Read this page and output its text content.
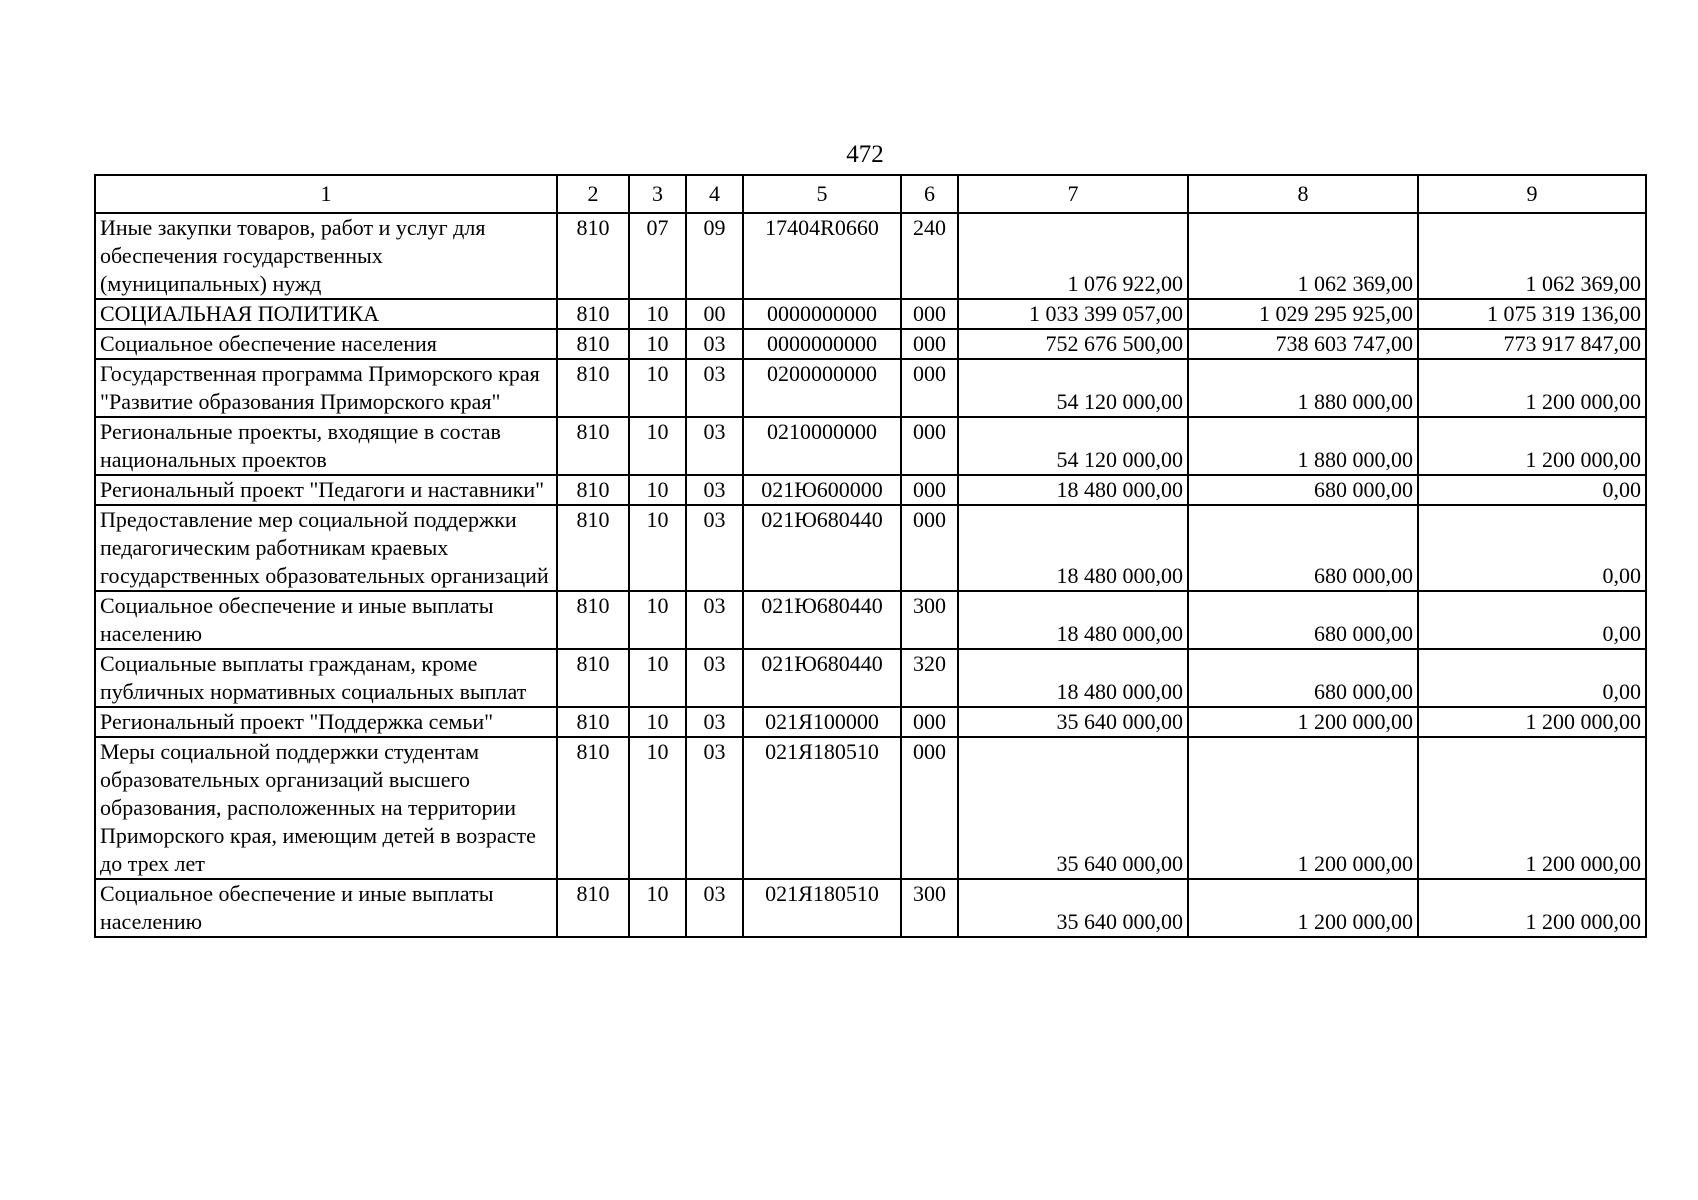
472
1	2	3	4	5	6	7	8	9
Иные закупки товаров, работ и услуг для обеспечения государственных (муниципальных) нужд	810	07	09	17404R0660	240	1 076 922,00	1 062 369,00	1 062 369,00
СОЦИАЛЬНАЯ ПОЛИТИКА	810	10	00	0000000000	000	1 033 399 057,00	1 029 295 925,00	1 075 319 136,00
Социальное обеспечение населения	810	10	03	0000000000	000	752 676 500,00	738 603 747,00	773 917 847,00
Государственная программа Приморского края "Развитие образования Приморского края"	810	10	03	0200000000	000	54 120 000,00	1 880 000,00	1 200 000,00
Региональные проекты, входящие в состав национальных проектов	810	10	03	0210000000	000	54 120 000,00	1 880 000,00	1 200 000,00
Региональный проект "Педагоги и наставники"	810	10	03	021Ю600000	000	18 480 000,00	680 000,00	0,00
Предоставление мер социальной поддержки педагогическим работникам краевых государственных образовательных организаций	810	10	03	021Ю680440	000	18 480 000,00	680 000,00	0,00
Социальное обеспечение и иные выплаты населению	810	10	03	021Ю680440	300	18 480 000,00	680 000,00	0,00
Социальные выплаты гражданам, кроме публичных нормативных социальных выплат	810	10	03	021Ю680440	320	18 480 000,00	680 000,00	0,00
Региональный проект "Поддержка семьи"	810	10	03	021Я100000	000	35 640 000,00	1 200 000,00	1 200 000,00
Меры социальной поддержки студентам образовательных организаций высшего образования, расположенных на территории Приморского края, имеющим детей в возрасте до трех лет	810	10	03	021Я180510	000	35 640 000,00	1 200 000,00	1 200 000,00
Социальное обеспечение и иные выплаты населению	810	10	03	021Я180510	300	35 640 000,00	1 200 000,00	1 200 000,00
